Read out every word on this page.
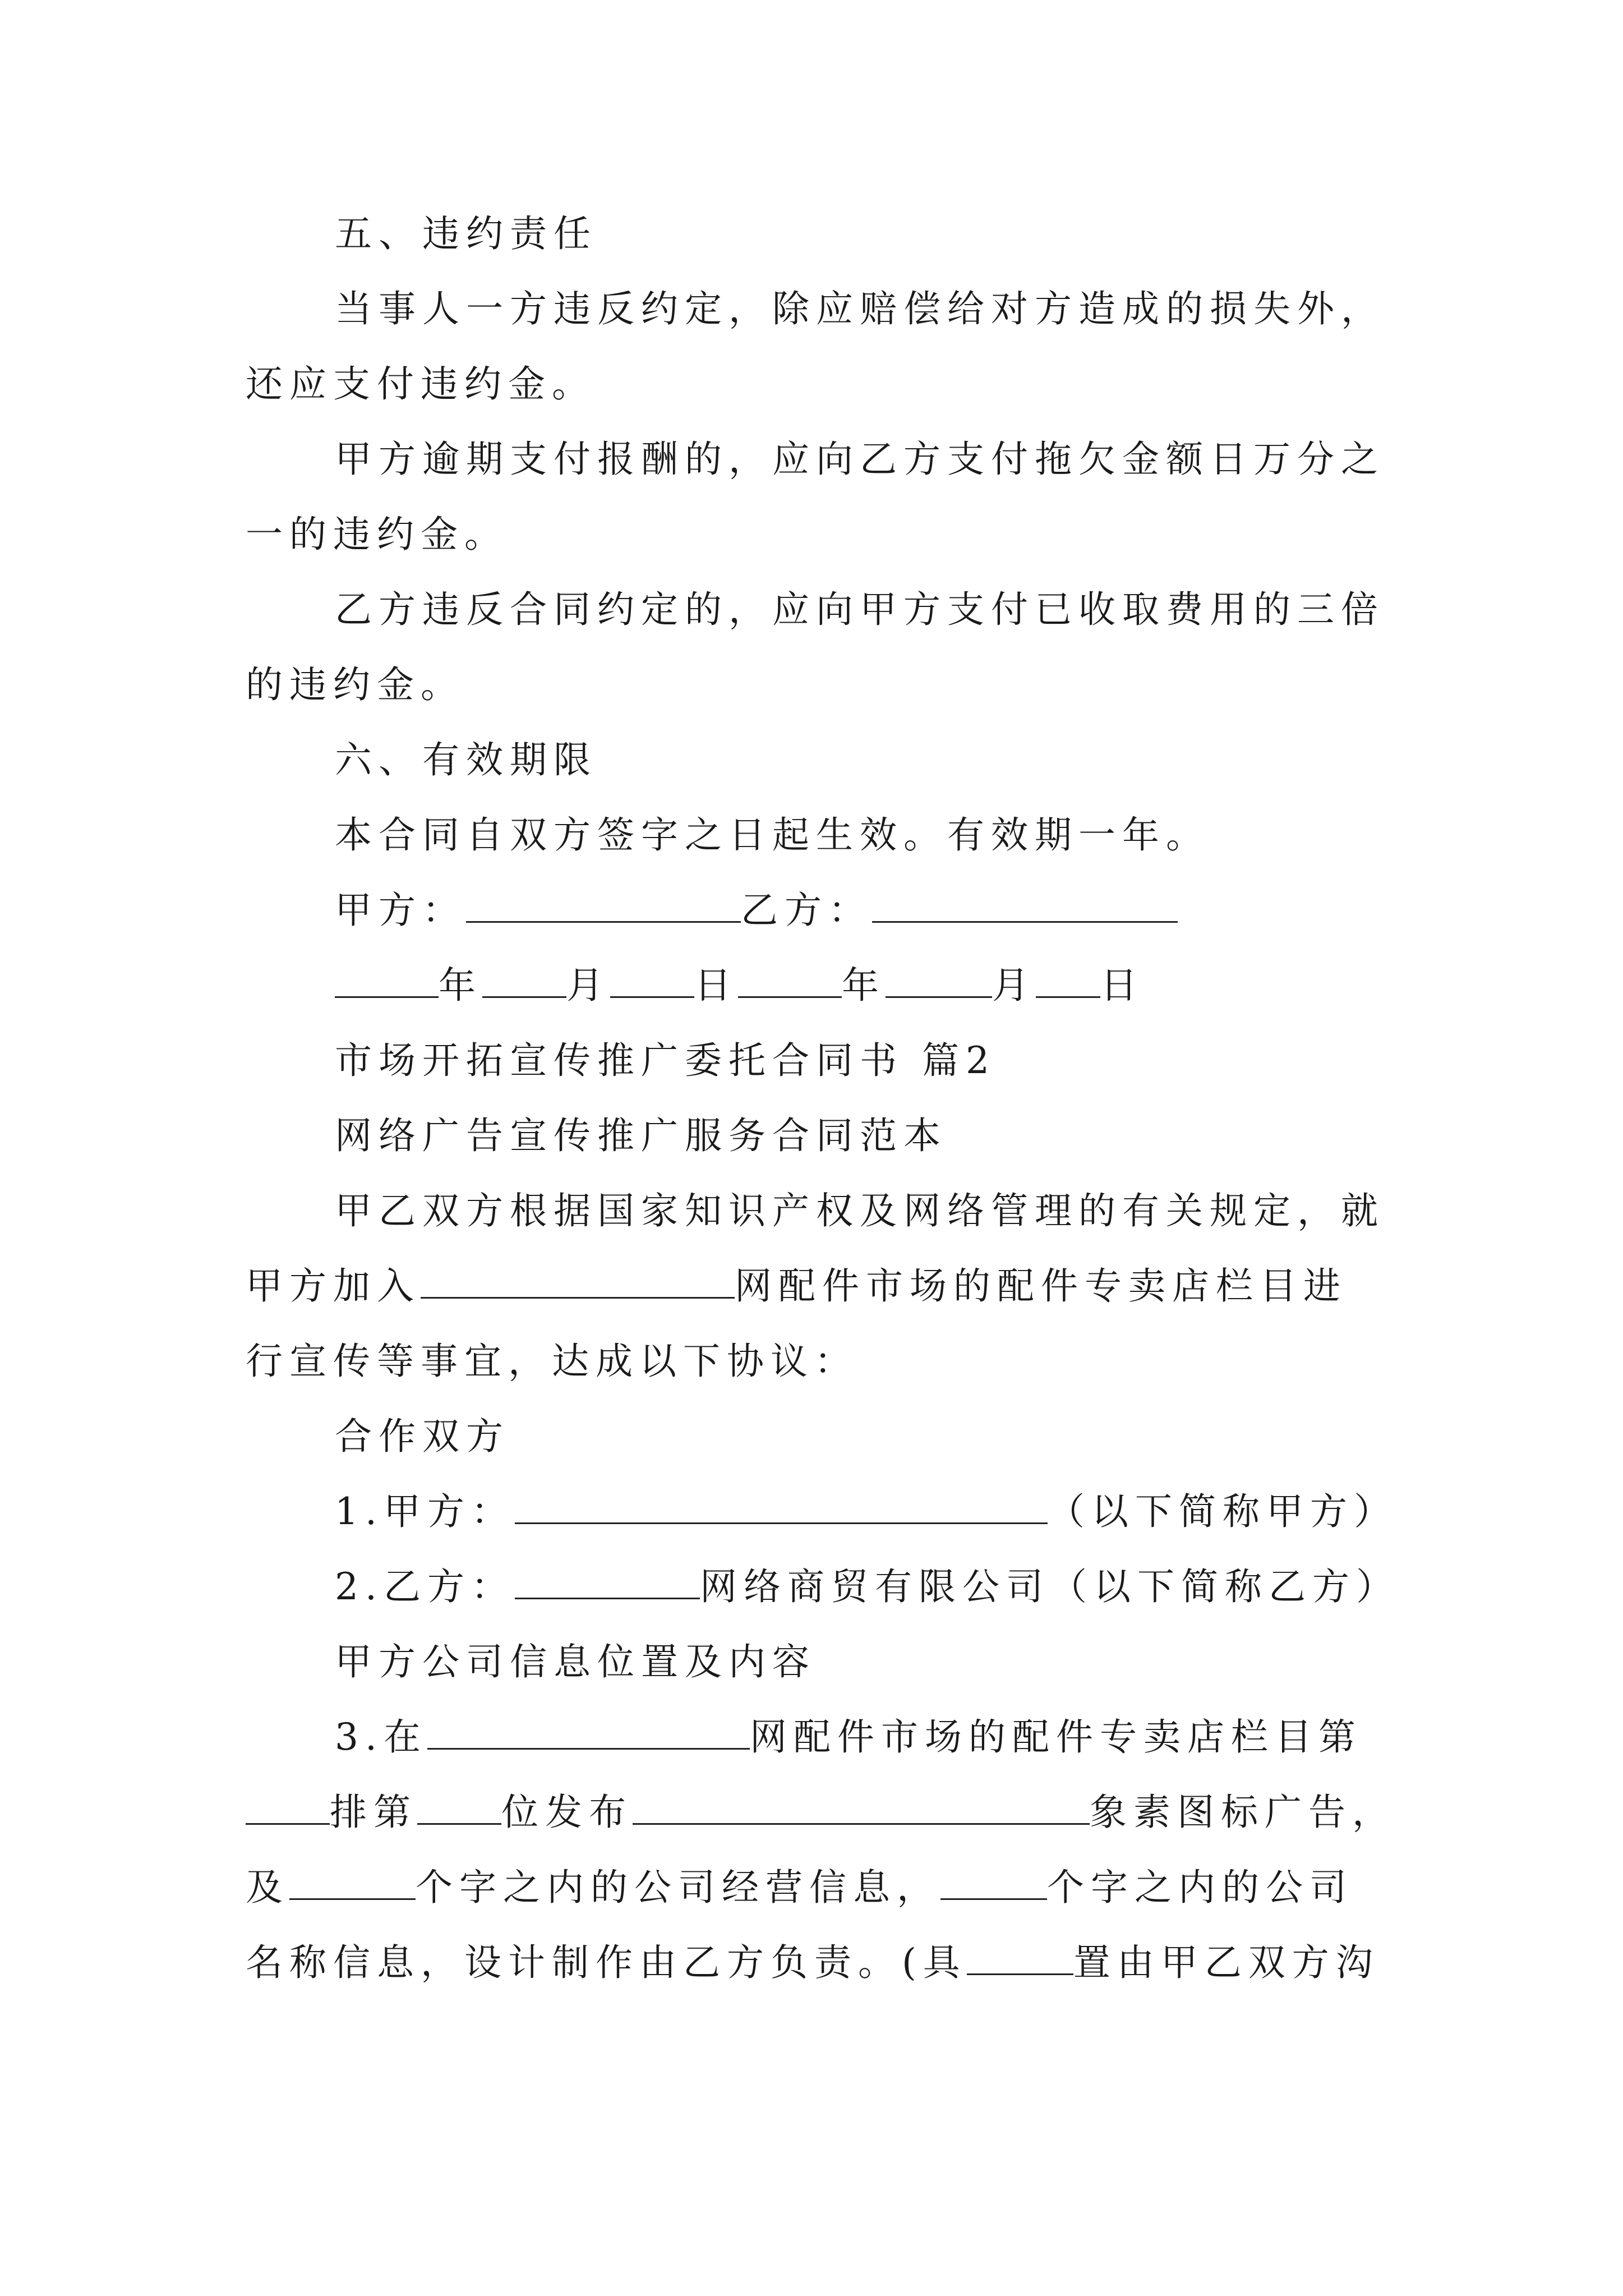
五、违约责任
当事人一方违反约定，除应赔偿给对方造成的损失外，
还应支付违约金。
甲方逾期支付报酬的，应向乙方支付拖欠金额日万分之
一的违约金。
乙方违反合同约定的，应向甲方支付已收取费用的三倍
的违约金。
六、有效期限
本合同自双方签字之日起生效。有效期一年。
甲方：	乙方：
年 月 日	年	月 日
市场开拓宣传推广委托合同书 篇2
网络广告宣传推广服务合同范本
甲乙双方根据国家知识产权及网络管理的有关规定，就
甲方加入	网配件市场的配件专卖店栏目进
行宣传等事宜，达成以下协议：
合作双方
1.甲方：	（以下简称甲方）
2.乙方：	网络商贸有限公司（以下简称乙方）
甲方公司信息位置及内容
3.在	网配件市场的配件专卖店栏目第
排第 位发布	象素图标广告，
及	个字之内的公司经营信息，	个字之内的公司
名称信息，设计制作由乙方负责。(具	置由甲乙双方沟
